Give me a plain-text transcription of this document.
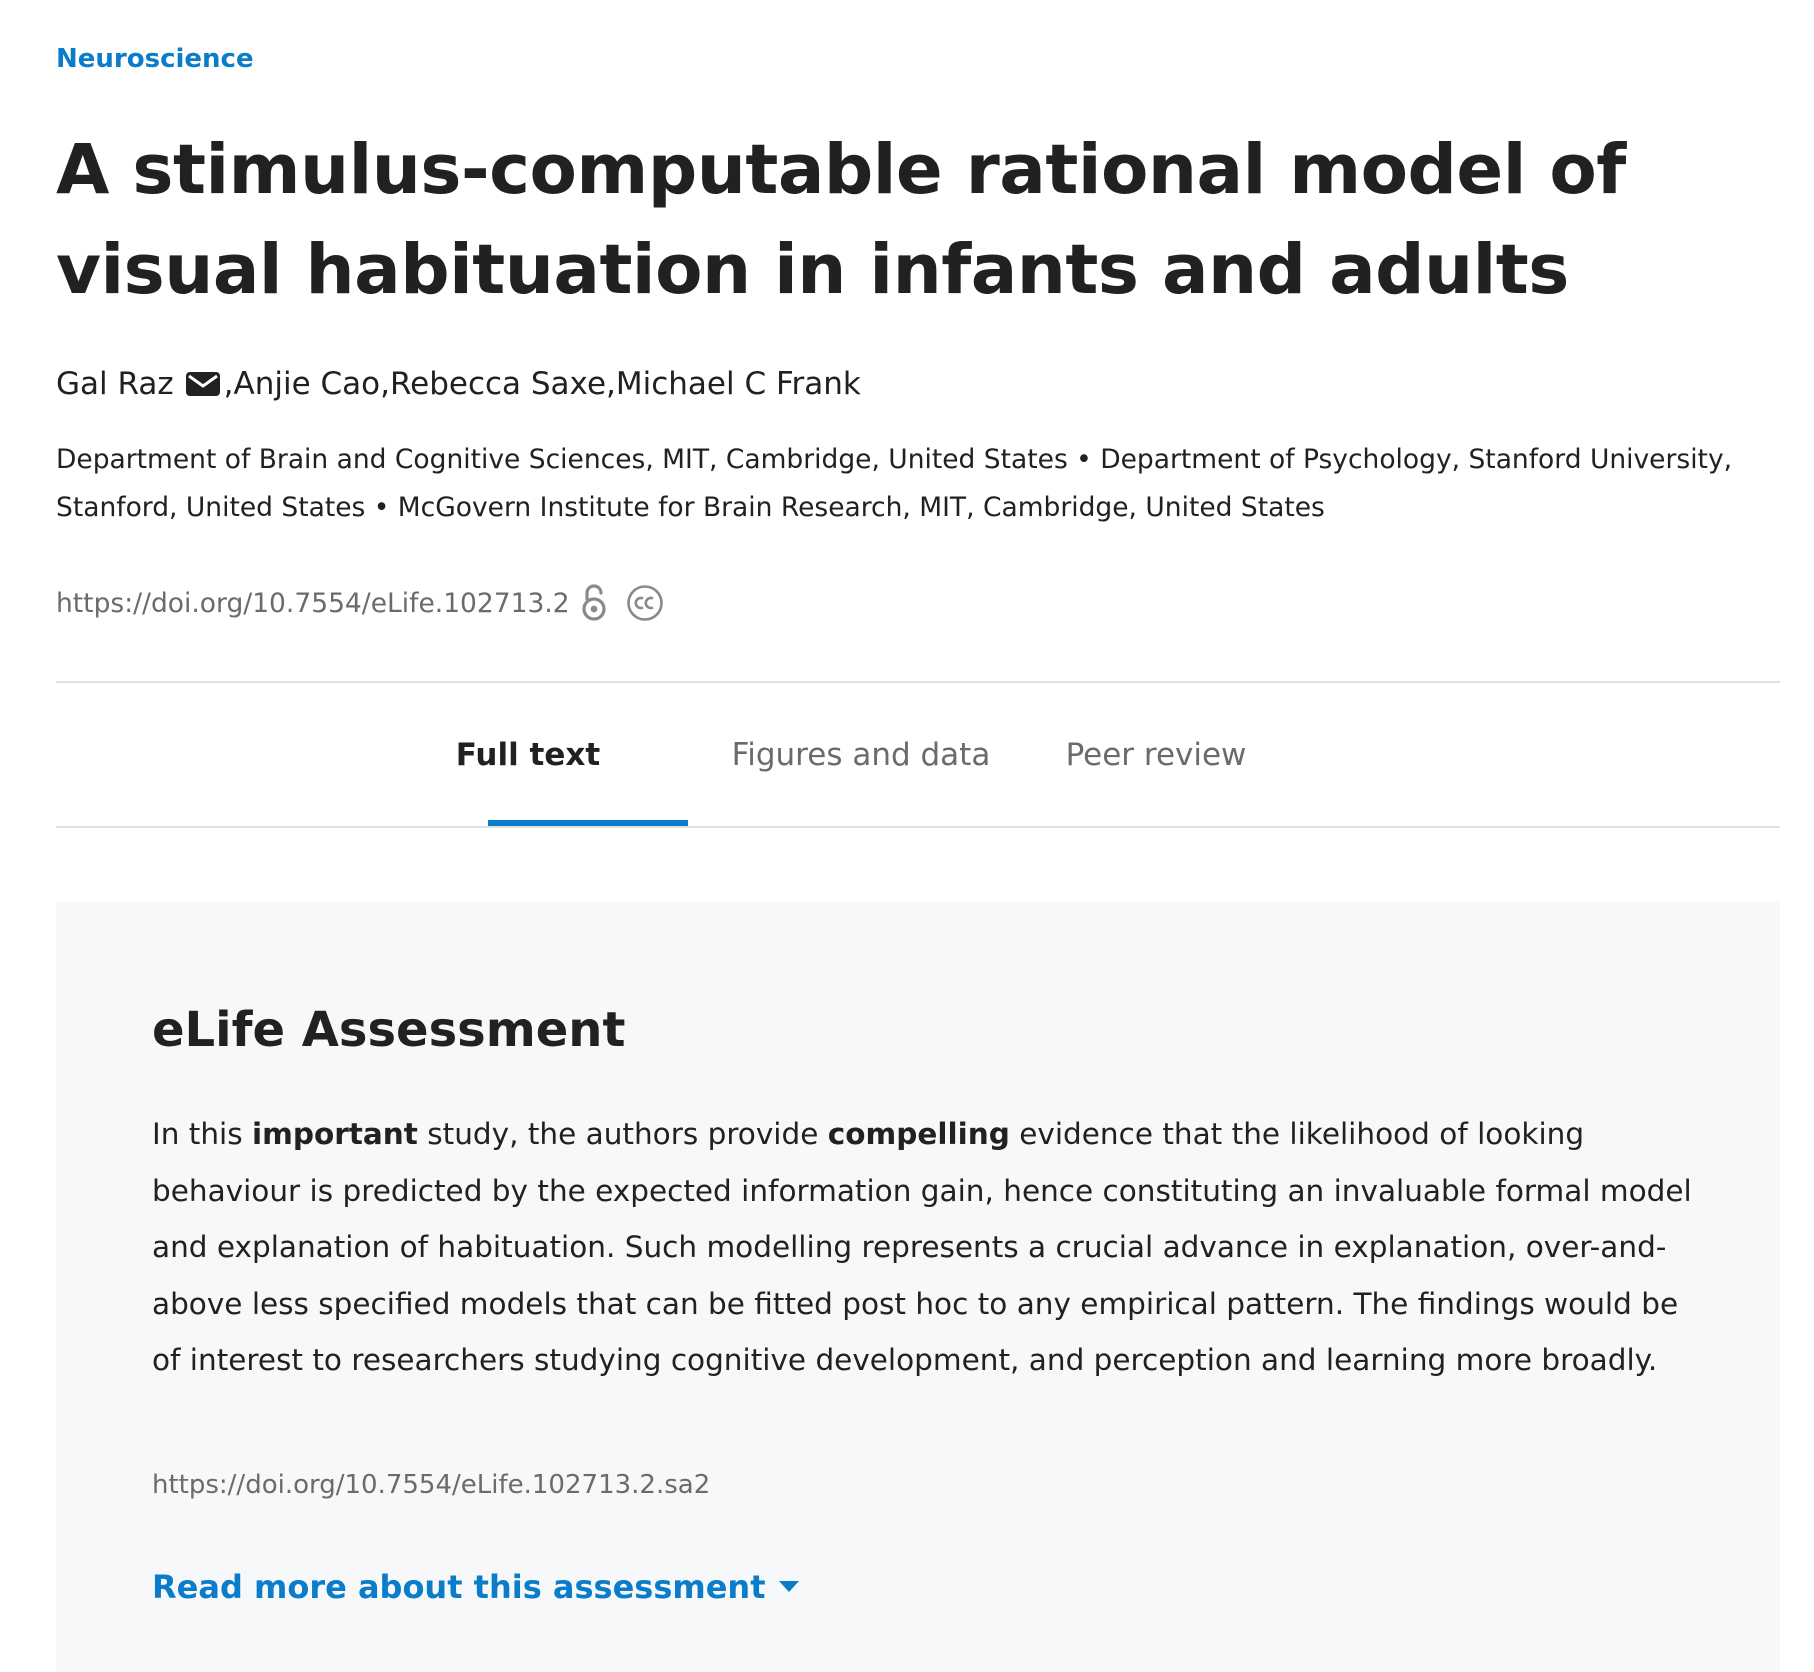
Neuroscience
A stimulus-computable rational model of visual habituation in infants and adults
Gal Raz , Anjie Cao , Rebecca Saxe , Michael C Frank
Department of Brain and Cognitive Sciences, MIT, Cambridge, United States • Department of Psychology, Stanford University, Stanford, United States • McGovern Institute for Brain Research, MIT, Cambridge, United States
https://doi.org/10.7554/eLife.102713.2
Full text	Figures and data	Peer review
eLife Assessment

In this important study, the authors provide compelling evidence that the likelihood of looking behaviour is predicted by the expected information gain, hence constituting an invaluable formal model and explanation of habituation. Such modelling represents a crucial advance in explanation, over-and-above less specified models that can be fitted post hoc to any empirical pattern. The findings would be of interest to researchers studying cognitive development, and perception and learning more broadly.

https://doi.org/10.7554/eLife.102713.2.sa2
Read more about this assessment
